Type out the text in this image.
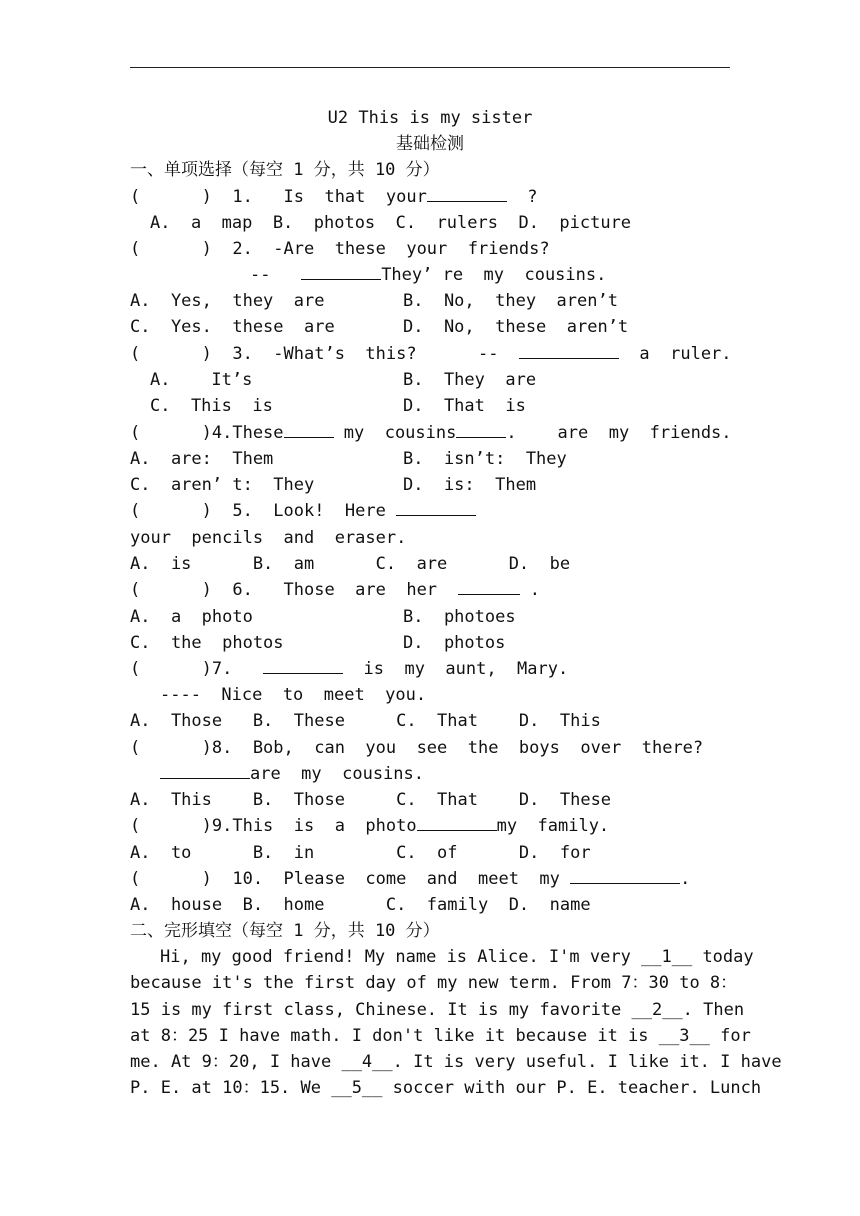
U2 This is my sister
基础检测
一、单项选择（每空 1 分，共 10 分）
(      )  1.   Is  that  your	?
A.  a  map  B.  photos  C.  rulers  D.  picture
(      )  2.  -Are  these  your  friends?
--	They’ re  my  cousins.
A.  Yes,  they  are	B.  No,  they  aren’t
C.  Yes.  these  are	D.  No,  these  aren’t
(      )  3.  -What’s  this?      --	a  ruler.
A.    It’s	B.  They  are
C.  This  is	D.  That  is
(      )4.These	my  cousins	.    are  my  friends.
A.  are:  Them	B.  isn’t:  They
C.  aren’ t:  They	D.  is:  Them
(      )  5.  Look!  Here
your  pencils  and  eraser.
A.  is      B.  am      C.  are      D.  be
(      )  6.   Those  are  her	.
A.  a  photo	B.  photoes
C.  the  photos	D.  photos
(      )7.	is  my  aunt,  Mary.
----  Nice  to  meet  you.
A.  Those   B.  These     C.  That    D.  This
(      )8.  Bob,  can  you  see  the  boys  over  there?
are  my  cousins.
A.  This    B.  Those     C.  That    D.  These
(      )9.This  is  a  photo	my  family.
A.  to      B.  in        C.  of      D.  for
(      )  10.  Please  come  and  meet  my	.
A.  house  B.  home      C.  family  D.  name
二、完形填空（每空 1 分，共 10 分）
Hi, my good friend! My name is Alice. I'm very __1__ today
because it's the first day of my new term. From 7：30 to 8：
15 is my first class, Chinese. It is my favorite __2__. Then
at 8：25 I have math. I don't like it because it is __3__ for
me. At 9：20, I have __4__. It is very useful. I like it. I have
P. E. at 10：15. We __5__ soccer with our P. E. teacher. Lunch
